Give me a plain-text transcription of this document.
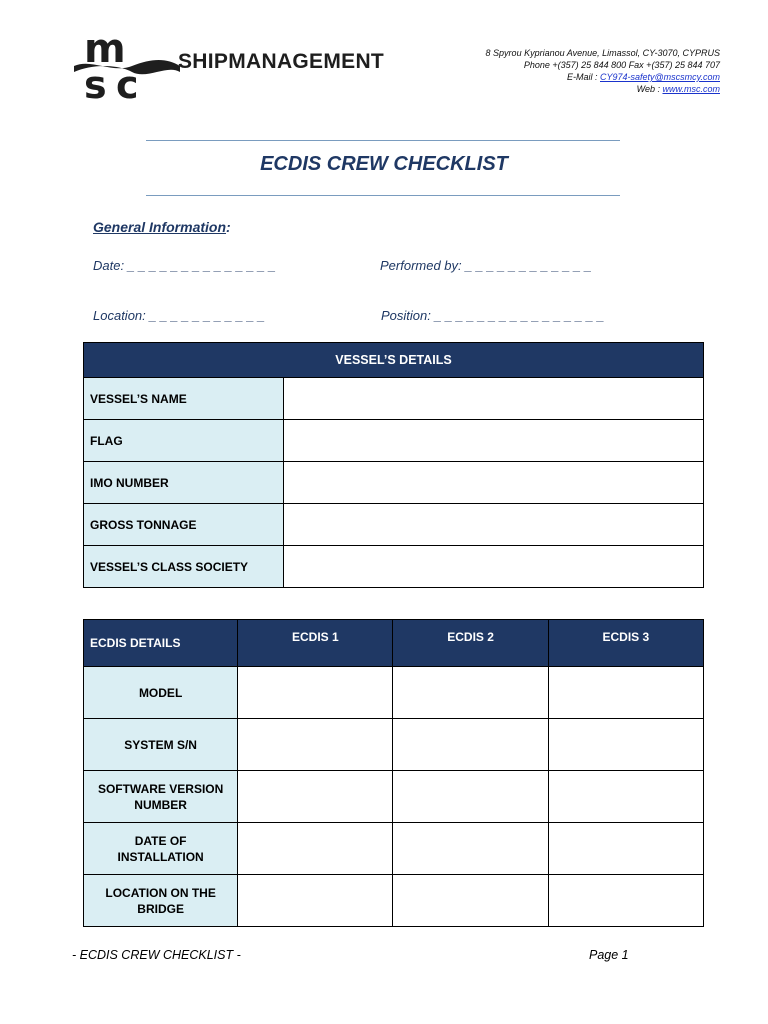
m
s c
SHIPMANAGEMENT	8 Spyrou Kyprianou Avenue, Limassol, CY-3070, CYPRUS
Phone +(357) 25 844 800 Fax +(357) 25 844 707
E-Mail : CY974-safety@mscsmcy.com
Web : www.msc.com
ECDIS CREW CHECKLIST
General Information:
Date: _ _ _ _ _ _ _ _ _ _ _ _ _ _	Performed by: _ _ _ _ _ _ _ _ _ _ _ _
Location: _ _ _ _ _ _ _ _ _ _ _	Position: _ _ _ _ _ _ _ _ _ _ _ _ _ _ _ _
VESSEL’S DETAILS	
VESSEL’S NAME	
FLAG	
IMO NUMBER	
GROSS TONNAGE	
VESSEL’S CLASS SOCIETY	
ECDIS DETAILS	ECDIS 1	ECDIS 2	ECDIS 3
MODEL			
SYSTEM S/N			
SOFTWARE VERSION NUMBER			
DATE OF INSTALLATION			
LOCATION ON THE BRIDGE			
- ECDIS CREW CHECKLIST -	Page 1
